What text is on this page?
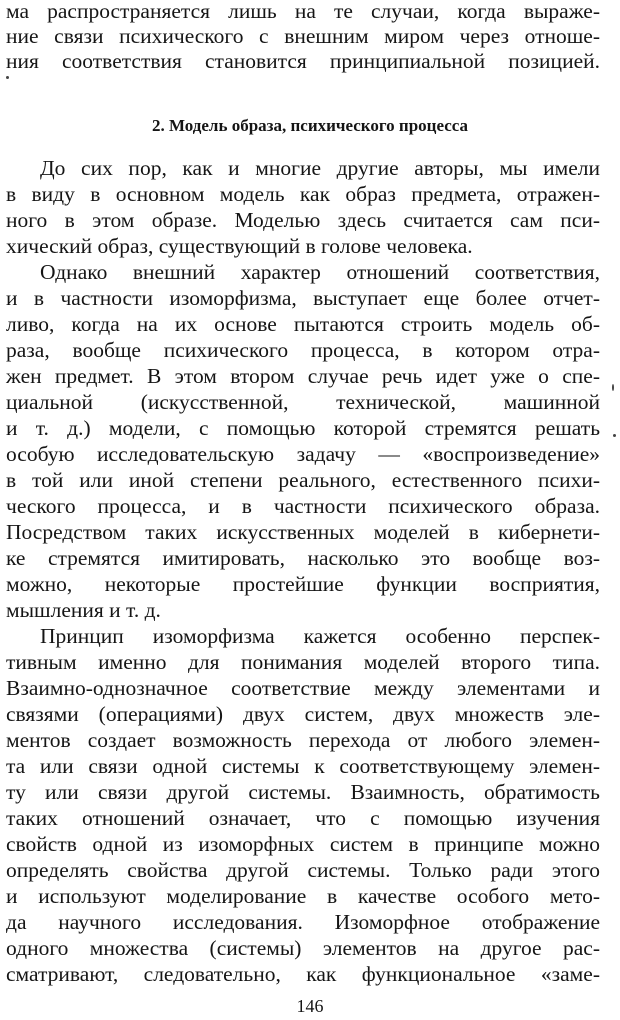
ма распространяется лишь на те случаи, когда выраже-
ние связи психического с внешним миром через отноше-
ния соответствия становится принципиальной позицией.
2. Модель образа, психического процесса
До сих пор, как и многие другие авторы, мы имели
в виду в основном модель как образ предмета, отражен-
ного в этом образе. Моделью здесь считается сам пси-
хический образ, существующий в голове человека.
Однако внешний характер отношений соответствия,
и в частности изоморфизма, выступает еще более отчет-
ливо, когда на их основе пытаются строить модель об-
раза, вообще психического процесса, в котором отра-
жен предмет. В этом втором случае речь идет уже о спе-
циальной (искусственной, технической, машинной
и т. д.) модели, с помощью которой стремятся решать
особую исследовательскую задачу — «воспроизведение»
в той или иной степени реального, естественного психи-
ческого процесса, и в частности психического образа.
Посредством таких искусственных моделей в кибернети-
ке стремятся имитировать, насколько это вообще воз-
можно, некоторые простейшие функции восприятия,
мышления и т. д.
Принцип изоморфизма кажется особенно перспек-
тивным именно для понимания моделей второго типа.
Взаимно-однозначное соответствие между элементами и
связями (операциями) двух систем, двух множеств эле-
ментов создает возможность перехода от любого элемен-
та или связи одной системы к соответствующему элемен-
ту или связи другой системы. Взаимность, обратимость
таких отношений означает, что с помощью изучения
свойств одной из изоморфных систем в принципе можно
определять свойства другой системы. Только ради этого
и используют моделирование в качестве особого мето-
да научного исследования. Изоморфное отображение
одного множества (системы) элементов на другое рас-
сматривают, следовательно, как функциональное «заме-
146
